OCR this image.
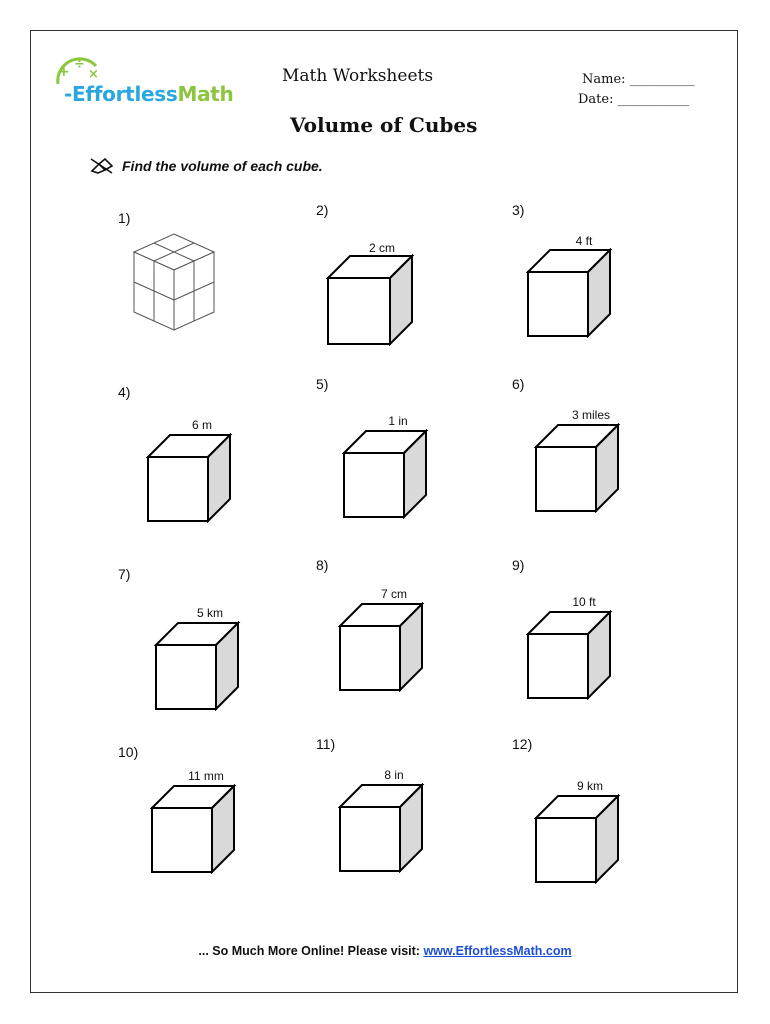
+ ÷
×
-EffortlessMath
Math Worksheets	Name: __________
Date: ___________
Volume of Cubes
Find the volume of each cube.
1)	2)
2 cm
3)
4 ft
4)
6 m
5)
1 in
6)
3 miles
7)
5 km
8)
7 cm
9)
10 ft
10)
11 mm
11)
8 in
12)
9 km
... So Much More Online! Please visit: www.EffortlessMath.com
